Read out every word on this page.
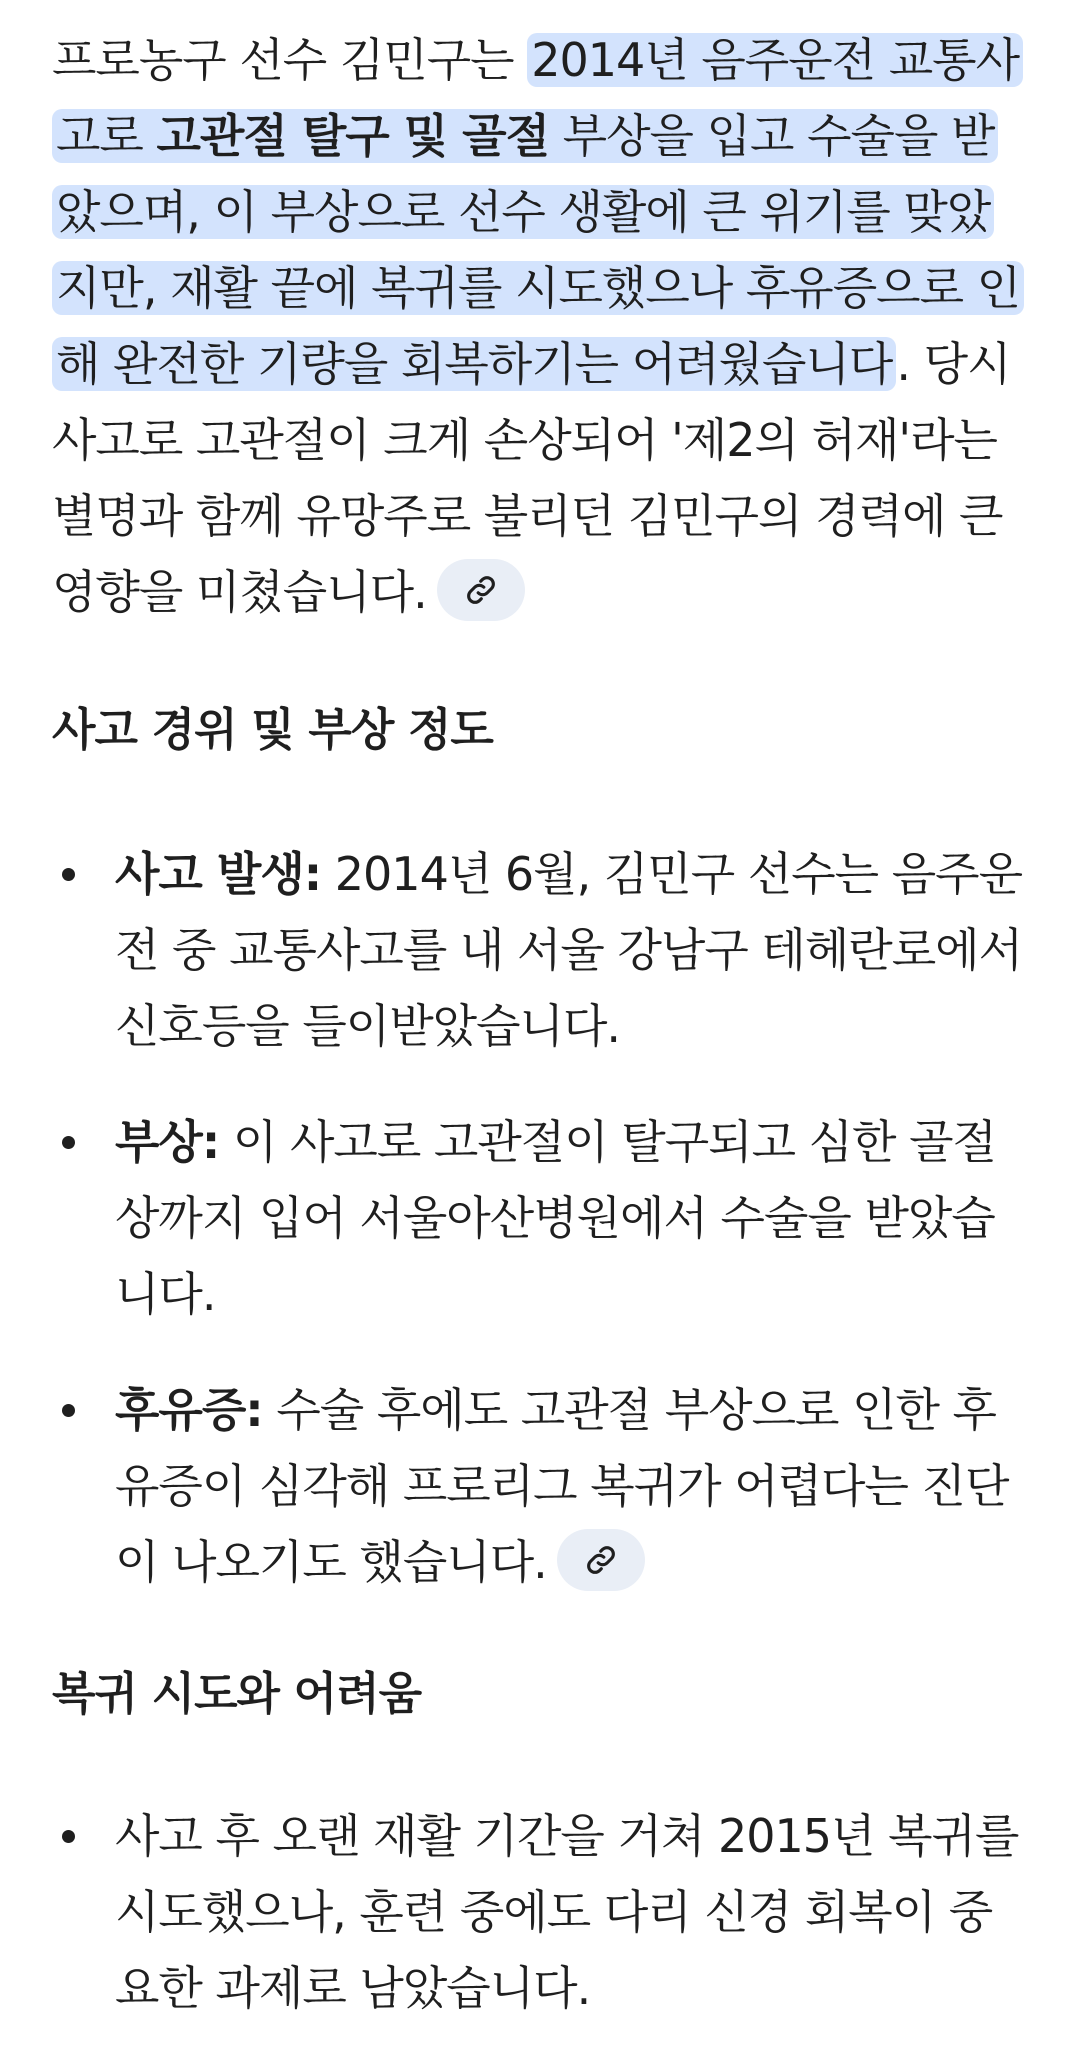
프로농구 선수 김민구는 2014년 음주운전 교통사고로 고관절 탈구 및 골절 부상을 입고 수술을 받았으며, 이 부상으로 선수 생활에 큰 위기를 맞았지만, 재활 끝에 복귀를 시도했으나 후유증으로 인해 완전한 기량을 회복하기는 어려웠습니다. 당시 사고로 고관절이 크게 손상되어 '제2의 허재'라는 별명과 함께 유망주로 불리던 김민구의 경력에 큰 영향을 미쳤습니다.

사고 경위 및 부상 정도
사고 발생: 2014년 6월, 김민구 선수는 음주운전 중 교통사고를 내 서울 강남구 테헤란로에서 신호등을 들이받았습니다.
부상: 이 사고로 고관절이 탈구되고 심한 골절상까지 입어 서울아산병원에서 수술을 받았습니다.
후유증: 수술 후에도 고관절 부상으로 인한 후유증이 심각해 프로리그 복귀가 어렵다는 진단이 나오기도 했습니다.
복귀 시도와 어려움
사고 후 오랜 재활 기간을 거쳐 2015년 복귀를 시도했으나, 훈련 중에도 다리 신경 회복이 중요한 과제로 남았습니다.
